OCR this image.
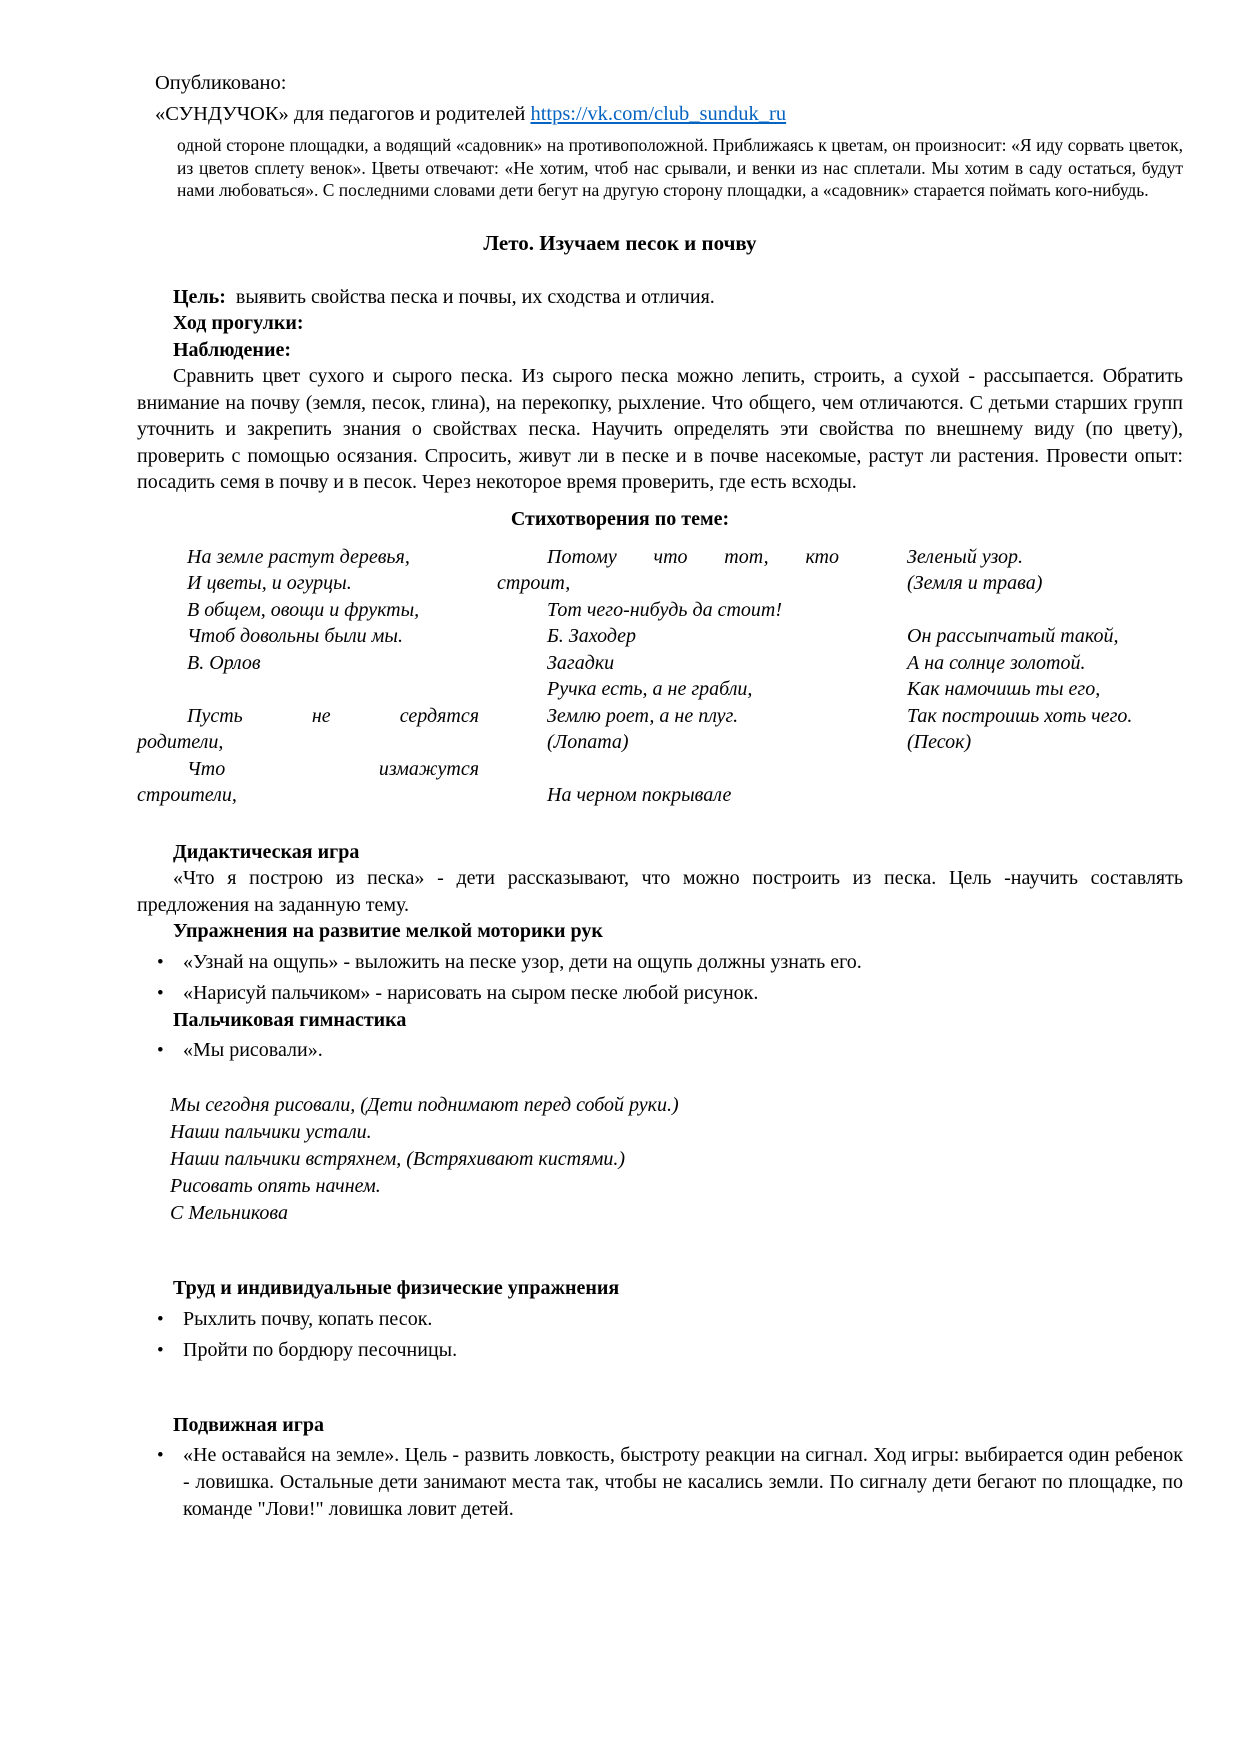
Опубликовано:
«СУНДУЧОК» для педагогов и родителей https://vk.com/club_sunduk_ru

одной стороне площадки, а водящий «садовник» на противоположной. Приближаясь к цветам, он произносит: «Я иду сорвать цветок, из цветов сплету венок». Цветы отвечают: «Не хотим, чтоб нас срывали, и венки из нас сплетали. Мы хотим в саду остаться, будут нами любоваться». С последними словами дети бегут на другую сторону площадки, а «садовник» старается поймать кого-нибудь.

Лето. Изучаем песок и почву

Цель: выявить свойства песка и почвы, их сходства и отличия.

Ход прогулки:

Наблюдение:

Сравнить цвет сухого и сырого песка. Из сырого песка можно лепить, строить, а сухой - рассыпается. Обратить внимание на почву (земля, песок, глина), на перекопку, рыхление. Что общего, чем отличаются. С детьми старших групп уточнить и закрепить знания о свойствах песка. Научить определять эти свойства по внешнему виду (по цвету), проверить с помощью осязания. Спросить, живут ли в песке и в почве насекомые, растут ли растения. Провести опыт: посадить семя в почву и в песок. Через некоторое время проверить, где есть всходы.

Стихотворения по теме:

На земле растут деревья,
И цветы, и огурцы.
В общем, овощи и фрукты,
Чтоб довольны были мы.
В. Орлов

Пусть не сердятся
родители,
Что измажутся
строители,
Потому что тот, кто
строит,
Тот чего-нибудь да стоит!
Б. Заходер
Загадки
Ручка есть, а не грабли,
Землю роет, а не плуг.
(Лопата)

На черном покрывале
Зеленый узор.
(Земля и трава)

Он рассыпчатый такой,
А на солнце золотой.
Как намочишь ты его,
Так построишь хоть чего.
(Песок)

Дидактическая игра

«Что я построю из песка» - дети рассказывают, что можно построить из песка. Цель -научить составлять предложения на заданную тему.

Упражнения на развитие мелкой моторики рук

• «Узнай на ощупь» - выложить на песке узор, дети на ощупь должны узнать его.
• «Нарисуй пальчиком» - нарисовать на сыром песке любой рисунок.

Пальчиковая гимнастика

• «Мы рисовали».
Мы сегодня рисовали, (Дети поднимают перед собой руки.)
Наши пальчики устали.
Наши пальчики встряхнем, (Встряхивают кистями.)
Рисовать опять начнем.
С Мельникова

Труд и индивидуальные физические упражнения

• Рыхлить почву, копать песок.
• Пройти по бордюру песочницы.

Подвижная игра

• «Не оставайся на земле». Цель - развить ловкость, быстроту реакции на сигнал. Ход игры: выбирается один ребенок - ловишка. Остальные дети занимают места так, чтобы не касались земли. По сигналу дети бегают по площадке, по команде "Лови!" ловишка ловит детей.
